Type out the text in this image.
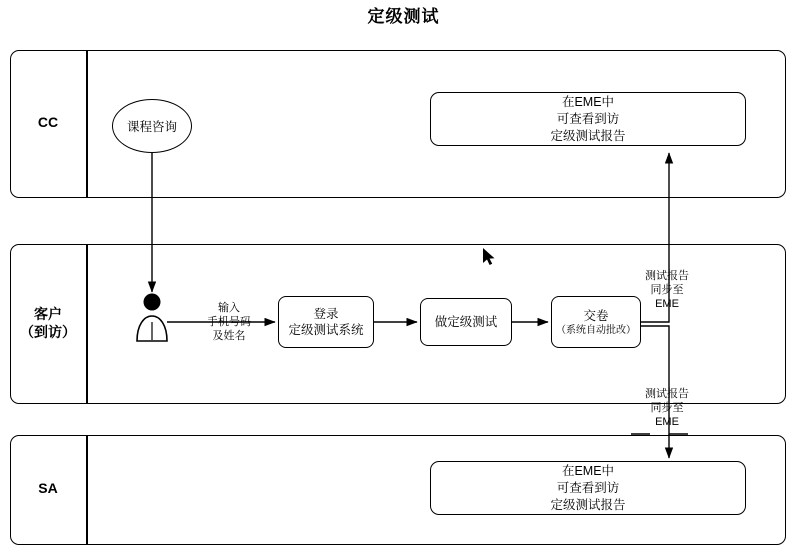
定级测试
CC
客户
（到访）
SA
课程咨询
在EME中
可查看到访
定级测试报告
登录
定级测试系统
做定级测试	交卷
（系统自动批改）
在EME中
可查看到访
定级测试报告
输入
手机号码
及姓名
测试报告
同步至
EME
测试报告
同步至
EME
